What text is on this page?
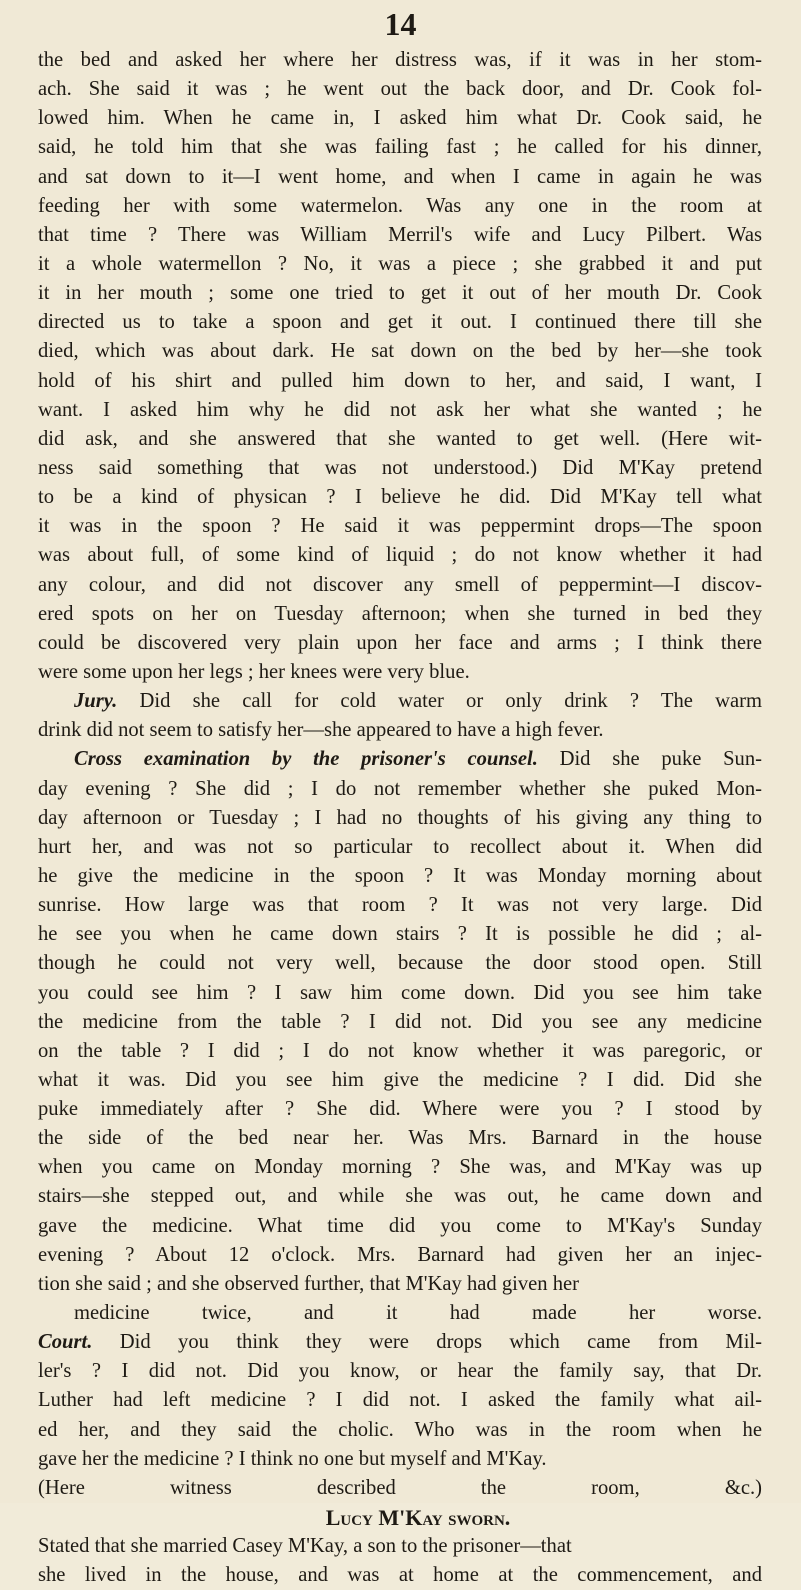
14
the bed and asked her where her distress was, if it was in her stom-
ach. She said it was ; he went out the back door, and Dr. Cook fol-
lowed him. When he came in, I asked him what Dr. Cook said, he
said, he told him that she was failing fast ; he called for his dinner,
and sat down to it—I went home, and when I came in again he was
feeding her with some watermelon. Was any one in the room at
that time ? There was William Merril's wife and Lucy Pilbert. Was
it a whole watermellon ? No, it was a piece ; she grabbed it and put
it in her mouth ; some one tried to get it out of her mouth Dr. Cook
directed us to take a spoon and get it out. I continued there till she
died, which was about dark. He sat down on the bed by her—she took
hold of his shirt and pulled him down to her, and said, I want, I
want. I asked him why he did not ask her what she wanted ; he
did ask, and she answered that she wanted to get well. (Here wit-
ness said something that was not understood.) Did M'Kay pretend
to be a kind of physican ? I believe he did. Did M'Kay tell what
it was in the spoon ? He said it was peppermint drops—The spoon
was about full, of some kind of liquid ; do not know whether it had
any colour, and did not discover any smell of peppermint—I discov-
ered spots on her on Tuesday afternoon; when she turned in bed they
could be discovered very plain upon her face and arms ; I think there
were some upon her legs ; her knees were very blue.
Jury. Did she call for cold water or only drink ? The warm
drink did not seem to satisfy her—she appeared to have a high fever.
Cross examination by the prisoner's counsel. Did she puke Sun-
day evening ? She did ; I do not remember whether she puked Mon-
day afternoon or Tuesday ; I had no thoughts of his giving any thing to
hurt her, and was not so particular to recollect about it. When did
he give the medicine in the spoon ? It was Monday morning about
sunrise. How large was that room ? It was not very large. Did
he see you when he came down stairs ? It is possible he did ; al-
though he could not very well, because the door stood open. Still
you could see him ? I saw him come down. Did you see him take
the medicine from the table ? I did not. Did you see any medicine
on the table ? I did ; I do not know whether it was paregoric, or
what it was. Did you see him give the medicine ? I did. Did she
puke immediately after ? She did. Where were you ? I stood by
the side of the bed near her. Was Mrs. Barnard in the house
when you came on Monday morning ? She was, and M'Kay was up
stairs—she stepped out, and while she was out, he came down and
gave the medicine. What time did you come to M'Kay's Sunday
evening ? About 12 o'clock. Mrs. Barnard had given her an injec-
tion she said ; and she observed further, that M'Kay had given her
medicine twice, and it had made her worse.
Court. Did you think they were drops which came from Mil-
ler's ? I did not. Did you know, or hear the family say, that Dr.
Luther had left medicine ? I did not. I asked the family what ail-
ed her, and they said the cholic. Who was in the room when he
gave her the medicine ? I think no one but myself and M'Kay.
(Here witness described the room, &c.)
Lucy M'Kay sworn.
Stated that she married Casey M'Kay, a son to the prisoner—that
she lived in the house, and was at home at the commencement, and
